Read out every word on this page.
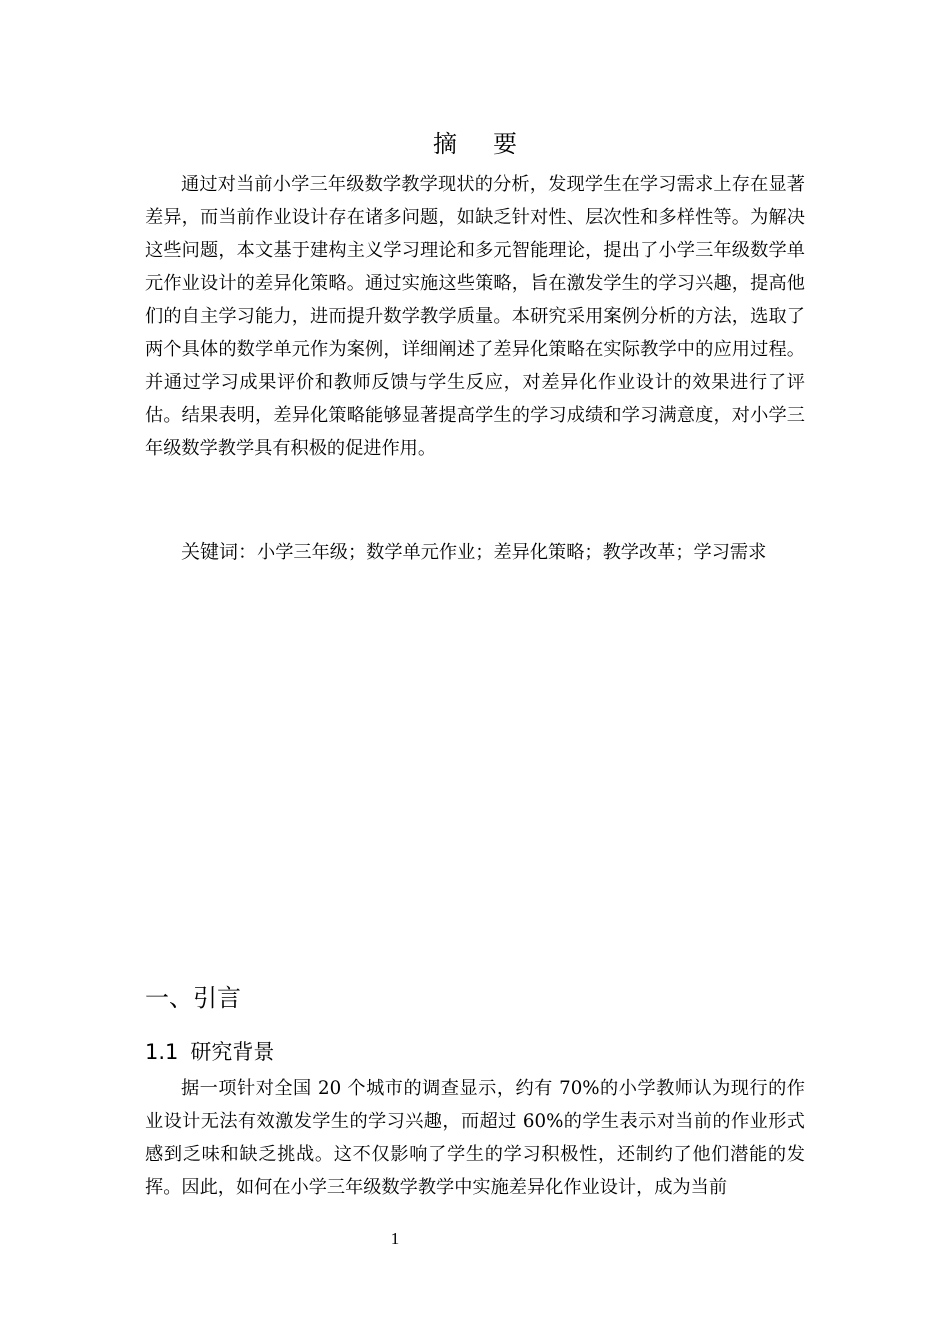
摘要

通过对当前小学三年级数学教学现状的分析，发现学生在学习需求上存在显著差异，而当前作业设计存在诸多问题，如缺乏针对性、层次性和多样性等。为解决这些问题，本文基于建构主义学习理论和多元智能理论，提出了小学三年级数学单元作业设计的差异化策略。通过实施这些策略，旨在激发学生的学习兴趣，提高他们的自主学习能力，进而提升数学教学质量。本研究采用案例分析的方法，选取了两个具体的数学单元作为案例，详细阐述了差异化策略在实际教学中的应用过程。并通过学习成果评价和教师反馈与学生反应，对差异化作业设计的效果进行了评估。结果表明，差异化策略能够显著提高学生的学习成绩和学习满意度，对小学三年级数学教学具有积极的促进作用。

关键词：小学三年级；数学单元作业；差异化策略；教学改革；学习需求

一、引言
1.1 研究背景

据一项针对全国 20 个城市的调查显示，约有 70%的小学教师认为现行的作业设计无法有效激发学生的学习兴趣，而超过 60%的学生表示对当前的作业形式感到乏味和缺乏挑战。这不仅影响了学生的学习积极性，还制约了他们潜能的发挥。因此，如何在小学三年级数学教学中实施差异化作业设计，成为当前

1
